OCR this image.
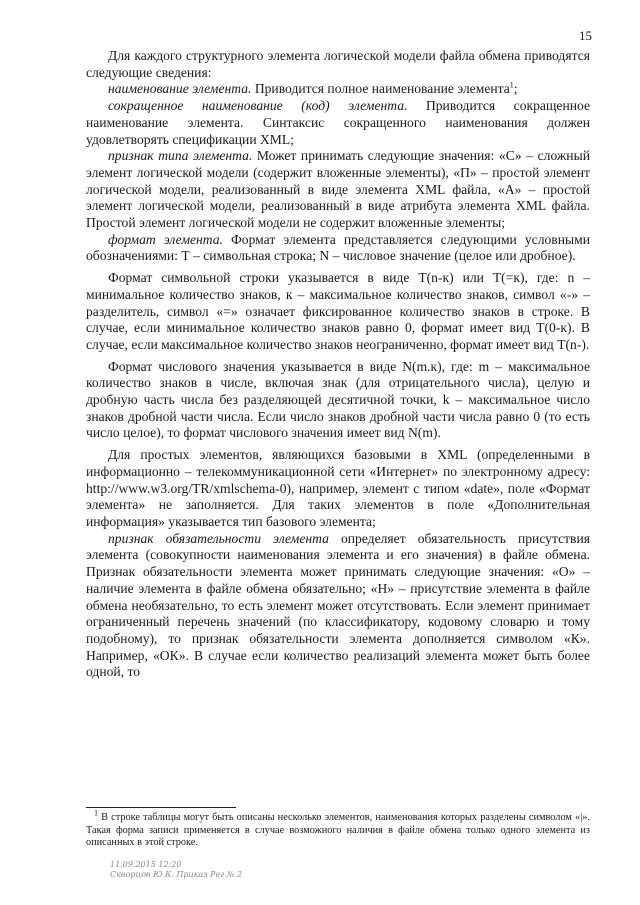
15

Для каждого структурного элемента логической модели файла обмена приводятся следующие сведения:

наименование элемента. Приводится полное наименование элемента$^1$;

сокращенное наименование (код) элемента. Приводится сокращенное наименование элемента. Синтаксис сокращенного наименования должен удовлетворять спецификации XML;

признак типа элемента. Может принимать следующие значения: «С» – сложный элемент логической модели (содержит вложенные элементы), «П» – простой элемент логической модели, реализованный в виде элемента XML файла, «А» – простой элемент логической модели, реализованный в виде атрибута элемента XML файла. Простой элемент логической модели не содержит вложенные элементы;

формат элемента. Формат элемента представляется следующими условными обозначениями: Т – символьная строка; N – числовое значение (целое или дробное).

Формат символьной строки указывается в виде Т(n-к) или Т(=к), где: n – минимальное количество знаков, к – максимальное количество знаков, символ «-» – разделитель, символ «=» означает фиксированное количество знаков в строке. В случае, если минимальное количество знаков равно 0, формат имеет вид Т(0-к). В случае, если максимальное количество знаков неограниченно, формат имеет вид Т(n-).

Формат числового значения указывается в виде N(m.к), где: m – максимальное количество знаков в числе, включая знак (для отрицательного числа), целую и дробную часть числа без разделяющей десятичной точки, k – максимальное число знаков дробной части числа. Если число знаков дробной части числа равно 0 (то есть число целое), то формат числового значения имеет вид N(m).

Для простых элементов, являющихся базовыми в XML (определенными в информационно – телекоммуникационной сети «Интернет» по электронному адресу: http://www.w3.org/TR/xmlschema-0), например, элемент с типом «date», поле «Формат элемента» не заполняется. Для таких элементов в поле «Дополнительная информация» указывается тип базового элемента;

признак обязательности элемента определяет обязательность присутствия элемента (совокупности наименования элемента и его значения) в файле обмена. Признак обязательности элемента может принимать следующие значения: «О» – наличие элемента в файле обмена обязательно; «Н» – присутствие элемента в файле обмена необязательно, то есть элемент может отсутствовать. Если элемент принимает ограниченный перечень значений (по классификатору, кодовому словарю и тому подобному), то признак обязательности элемента дополняется символом «К». Например, «ОК». В случае если количество реализаций элемента может быть более одной, то

$^1$ В строке таблицы могут быть описаны несколько элементов, наименования которых разделены символом «|». Такая форма записи применяется в случае возможного наличия в файле обмена только одного элемента из описанных в этой строке.

11.09.2015 12:20
Скворцов Ю.К. Приказ Рег.№ 2
